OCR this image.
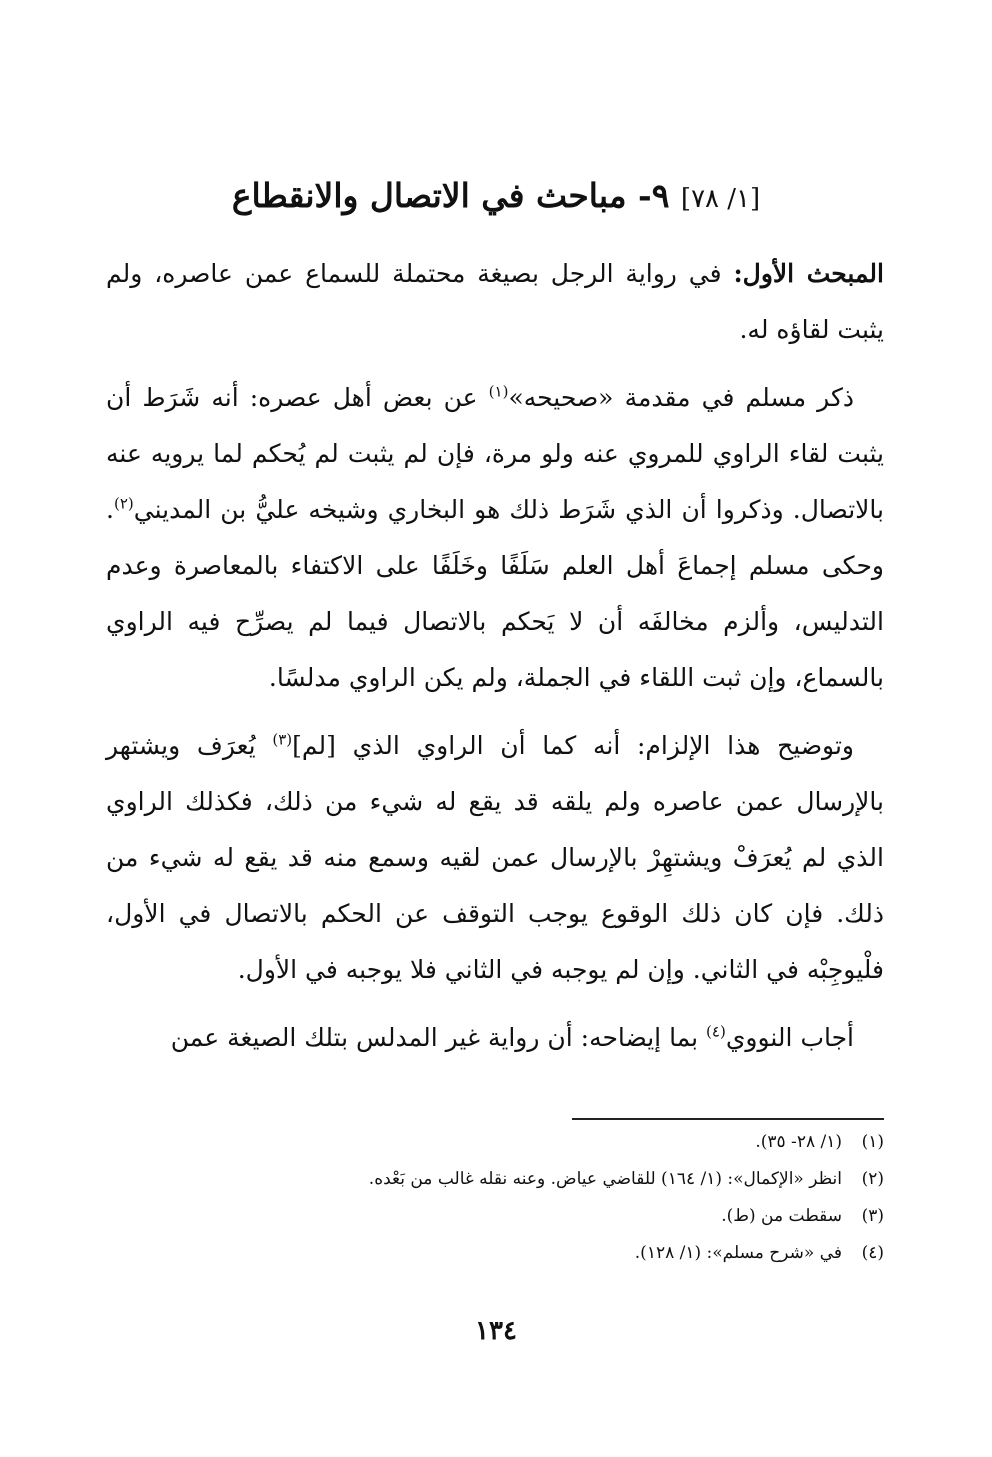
[١/ ٧٨] ٩- مباحث في الاتصال والانقطاع

المبحث الأول: في رواية الرجل بصيغة محتملة للسماع عمن عاصره، ولم يثبت لقاؤه له.

ذكر مسلم في مقدمة «صحيحه»$^{(١)}$ عن بعض أهل عصره: أنه شَرَط أن يثبت لقاء الراوي للمروي عنه ولو مرة، فإن لم يثبت لم يُحكم لما يرويه عنه بالاتصال. وذكروا أن الذي شَرَط ذلك هو البخاري وشيخه عليُّ بن المديني$^{(٢)}$. وحكى مسلم إجماعَ أهل العلم سَلَفًا وخَلَفًا على الاكتفاء بالمعاصرة وعدم التدليس، وألزم مخالفَه أن لا يَحكم بالاتصال فيما لم يصرِّح فيه الراوي بالسماع، وإن ثبت اللقاء في الجملة، ولم يكن الراوي مدلسًا.

وتوضيح هذا الإلزام: أنه كما أن الراوي الذي [لم]$^{(٣)}$ يُعرَف ويشتهر بالإرسال عمن عاصره ولم يلقه قد يقع له شيء من ذلك، فكذلك الراوي الذي لم يُعرَفْ ويشتهِرْ بالإرسال عمن لقيه وسمع منه قد يقع له شيء من ذلك. فإن كان ذلك الوقوع يوجب التوقف عن الحكم بالاتصال في الأول، فلْيوجِبْه في الثاني. وإن لم يوجبه في الثاني فلا يوجبه في الأول.

أجاب النووي$^{(٤)}$ بما إيضاحه: أن رواية غير المدلس بتلك الصيغة عمن

(١)
(١/ ٢٨- ٣٥).
(٢)
انظر «الإكمال»: (١/ ١٦٤) للقاضي عياض. وعنه نقله غالب من بَعْده.
(٣)
سقطت من (ط).
(٤)
في «شرح مسلم»: (١/ ١٢٨).
١٣٤
